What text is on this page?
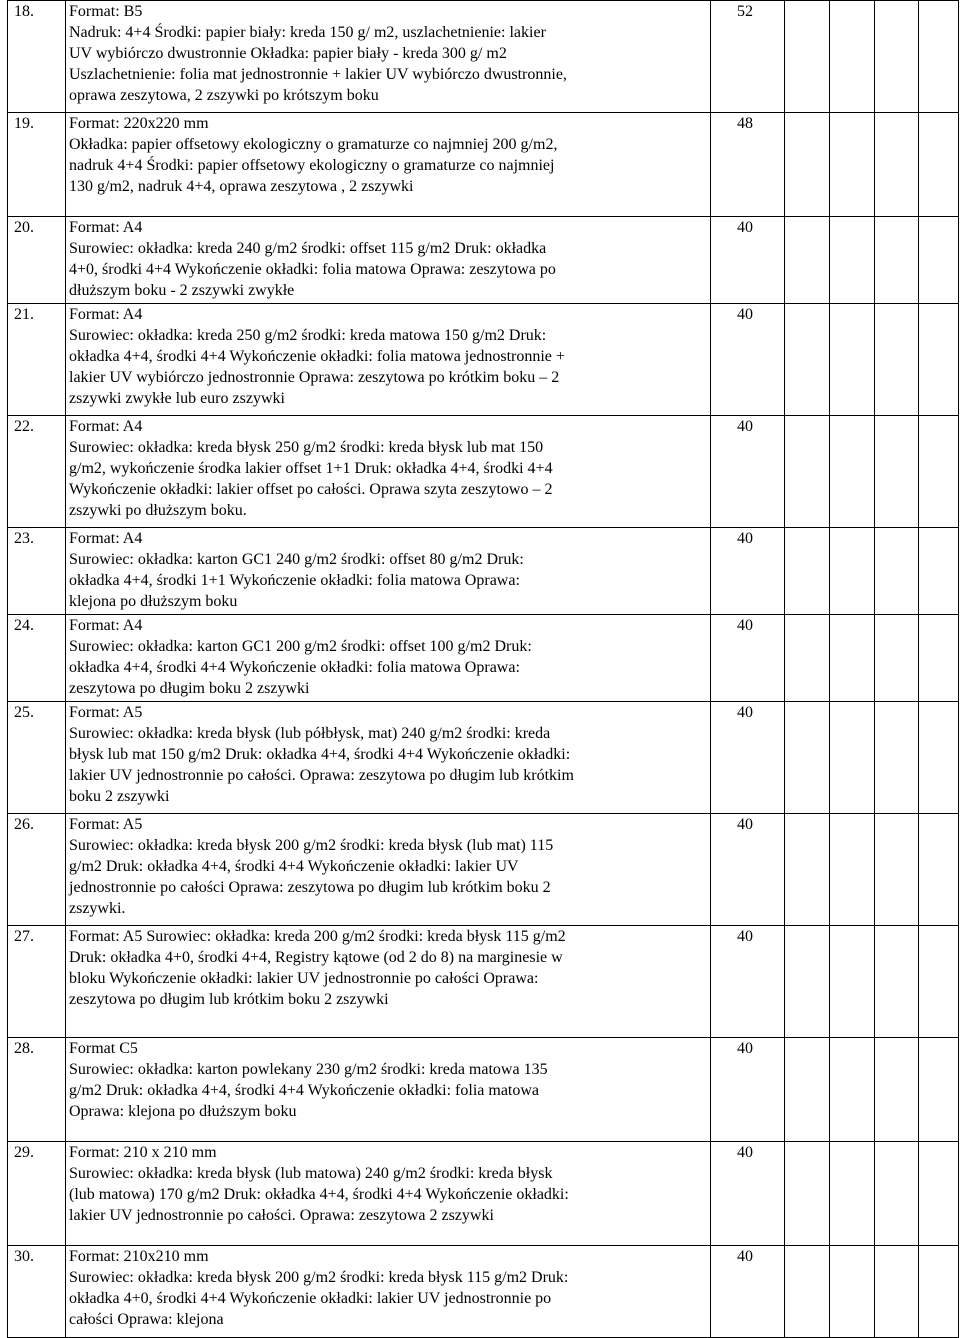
18.	Format: B5
Nadruk: 4+4 Środki: papier biały: kreda 150 g/ m2, uszlachetnienie: lakier
UV wybiórczo dwustronnie Okładka: papier biały - kreda 300 g/ m2
Uszlachetnienie: folia mat jednostronnie + lakier UV wybiórczo dwustronnie,
oprawa zeszytowa, 2 zszywki po krótszym boku	52				
19.	Format: 220x220 mm
Okładka: papier offsetowy ekologiczny o gramaturze co najmniej 200 g/m2,
nadruk 4+4 Środki: papier offsetowy ekologiczny o gramaturze co najmniej
130 g/m2, nadruk 4+4, oprawa zeszytowa , 2 zszywki	48				
20.	Format: A4
Surowiec: okładka: kreda 240 g/m2 środki: offset 115 g/m2 Druk: okładka
4+0, środki 4+4 Wykończenie okładki: folia matowa Oprawa: zeszytowa po
dłuższym boku - 2 zszywki zwykłe	40				
21.	Format: A4
Surowiec: okładka: kreda 250 g/m2 środki: kreda matowa 150 g/m2 Druk:
okładka 4+4, środki 4+4 Wykończenie okładki: folia matowa jednostronnie +
lakier UV wybiórczo jednostronnie Oprawa: zeszytowa po krótkim boku – 2
zszywki zwykłe lub euro zszywki	40				
22.	Format: A4
Surowiec: okładka: kreda błysk 250 g/m2 środki: kreda błysk lub mat 150
g/m2, wykończenie środka lakier offset 1+1 Druk: okładka 4+4, środki 4+4
Wykończenie okładki: lakier offset po całości. Oprawa szyta zeszytowo – 2
zszywki po dłuższym boku.	40				
23.	Format: A4
Surowiec: okładka: karton GC1 240 g/m2 środki: offset 80 g/m2 Druk:
okładka 4+4, środki 1+1 Wykończenie okładki: folia matowa Oprawa:
klejona po dłuższym boku	40				
24.	Format: A4
Surowiec: okładka: karton GC1 200 g/m2 środki: offset 100 g/m2 Druk:
okładka 4+4, środki 4+4 Wykończenie okładki: folia matowa Oprawa:
zeszytowa po długim boku 2 zszywki	40				
25.	Format: A5
Surowiec: okładka: kreda błysk (lub półbłysk, mat) 240 g/m2 środki: kreda
błysk lub mat 150 g/m2 Druk: okładka 4+4, środki 4+4 Wykończenie okładki:
lakier UV jednostronnie po całości. Oprawa: zeszytowa po długim lub krótkim
boku 2 zszywki	40				
26.	Format: A5
Surowiec: okładka: kreda błysk 200 g/m2 środki: kreda błysk (lub mat) 115
g/m2 Druk: okładka 4+4, środki 4+4 Wykończenie okładki: lakier UV
jednostronnie po całości Oprawa: zeszytowa po długim lub krótkim boku 2
zszywki.	40				
27.	Format: A5 Surowiec: okładka: kreda 200 g/m2 środki: kreda błysk 115 g/m2
Druk: okładka 4+0, środki 4+4, Registry kątowe (od 2 do 8) na marginesie w
bloku Wykończenie okładki: lakier UV jednostronnie po całości Oprawa:
zeszytowa po długim lub krótkim boku 2 zszywki	40				
28.	Format C5
Surowiec: okładka: karton powlekany 230 g/m2 środki: kreda matowa 135
g/m2 Druk: okładka 4+4, środki 4+4 Wykończenie okładki: folia matowa
Oprawa: klejona po dłuższym boku	40				
29.	Format: 210 x 210 mm
Surowiec: okładka: kreda błysk (lub matowa) 240 g/m2 środki: kreda błysk
(lub matowa) 170 g/m2 Druk: okładka 4+4, środki 4+4 Wykończenie okładki:
lakier UV jednostronnie po całości. Oprawa: zeszytowa 2 zszywki	40				
30.	Format: 210x210 mm
Surowiec: okładka: kreda błysk 200 g/m2 środki: kreda błysk 115 g/m2 Druk:
okładka 4+0, środki 4+4 Wykończenie okładki: lakier UV jednostronnie po
całości Oprawa: klejona	40				
